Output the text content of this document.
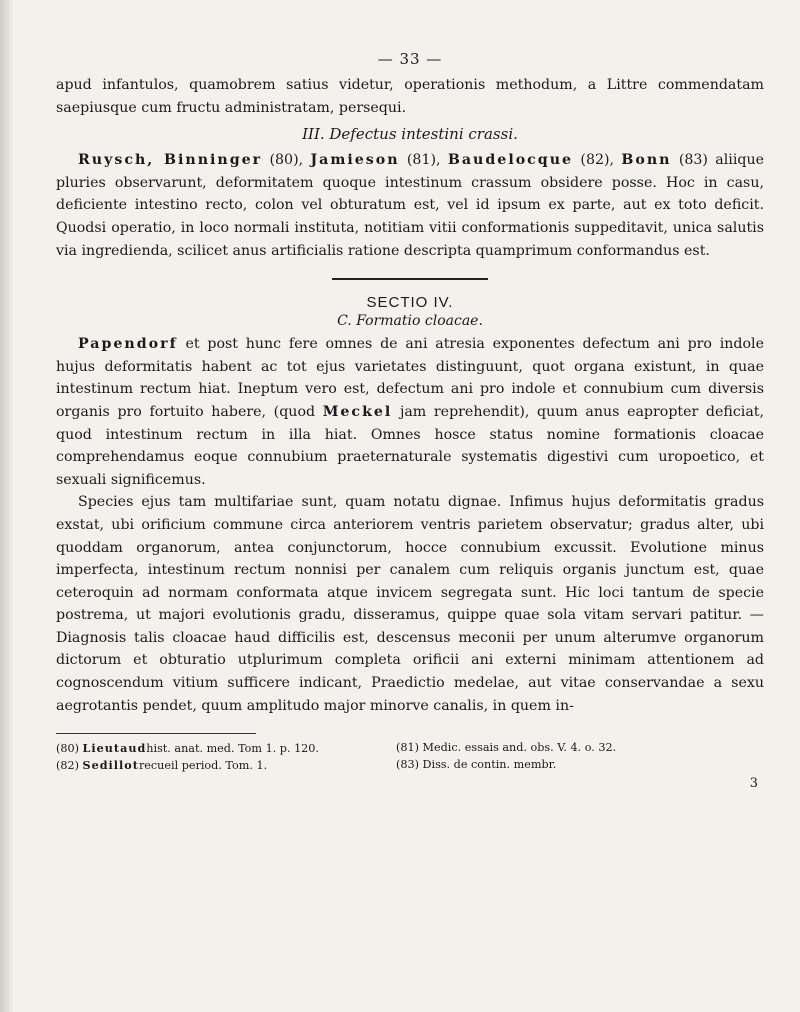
— 33 —

apud infantulos, quamobrem satius videtur, operationis methodum, a Littre commendatam saepiusque cum fructu administratam, persequi.

III. Defectus intestini crassi.

Ruysch, Binninger (80), Jamieson (81), Baudelocque (82), Bonn (83) aliique pluries observarunt, deformitatem quoque intestinum crassum obsidere posse. Hoc in casu, deficiente intestino recto, colon vel obturatum est, vel id ipsum ex parte, aut ex toto deficit. Quodsi operatio, in loco normali instituta, notitiam vitii conformationis suppeditavit, unica salutis via ingredienda, scilicet anus artificialis ratione descripta quamprimum conformandus est.

SECTIO IV.
C. Formatio cloacae.

Papendorf et post hunc fere omnes de ani atresia exponentes defectum ani pro indole hujus deformitatis habent ac tot ejus varietates distinguunt, quot organa existunt, in quae intestinum rectum hiat. Ineptum vero est, defectum ani pro indole et connubium cum diversis organis pro fortuito habere, (quod Meckel jam reprehendit), quum anus eapropter deficiat, quod intestinum rectum in illa hiat. Omnes hosce status nomine formationis cloacae comprehendamus eoque connubium praeternaturale systematis digestivi cum uropoetico, et sexuali significemus.

Species ejus tam multifariae sunt, quam notatu dignae. Infimus hujus deformitatis gradus exstat, ubi orificium commune circa anteriorem ventris parietem observatur; gradus alter, ubi quoddam organorum, antea conjunctorum, hocce connubium excussit. Evolutione minus imperfecta, intestinum rectum nonnisi per canalem cum reliquis organis junctum est, quae ceteroquin ad normam conformata atque invicem segregata sunt. Hic loci tantum de specie postrema, ut majori evolutionis gradu, disseramus, quippe quae sola vitam servari patitur. — Diagnosis talis cloacae haud difficilis est, descensus meconii per unum alterumve organorum dictorum et obturatio utplurimum completa orificii ani externi minimam attentionem ad cognoscendum vitium sufficere indicant, Praedictio medelae, aut vitae conservandae a sexu aegrotantis pendet, quum amplitudo major minorve canalis, in quem in-

(80) Lieutaudhist. anat. med. Tom 1. p. 120.	(81) Medic. essais and. obs. V. 4. o. 32.
(82) Sedillotrecueil period. Tom. 1.	(83) Diss. de contin. membr.
3
